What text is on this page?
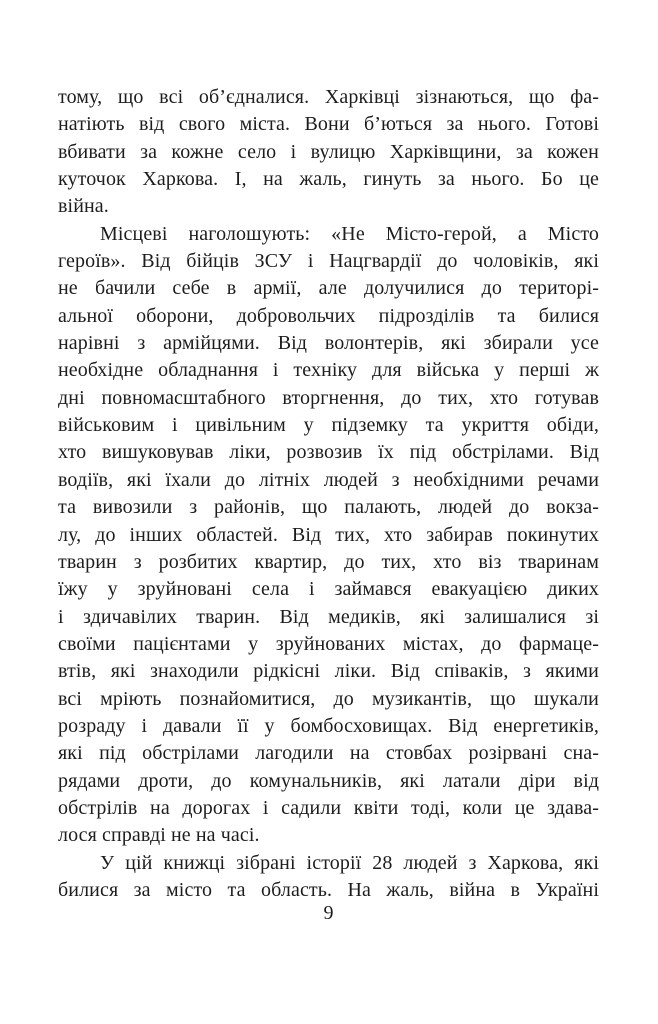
тому, що всі об’єдналися. Харківці зізнаються, що фа-
натіють від свого міста. Вони б’ються за нього. Готові
вбивати за кожне село і вулицю Харківщини, за кожен
куточок Харкова. І, на жаль, гинуть за нього. Бо це
війна.
Місцеві наголошують: «Не Місто-герой, а Місто
героїв». Від бійців ЗСУ і Нацгвардії до чоловіків, які
не бачили себе в армії, але долучилися до територі-
альної оборони, добровольчих підрозділів та билися
нарівні з армійцями. Від волонтерів, які збирали усе
необхідне обладнання і техніку для війська у перші ж
дні повномасштабного вторгнення, до тих, хто готував
військовим і цивільним у підземку та укриття обіди,
хто вишуковував ліки, розвозив їх під обстрілами. Від
водіїв, які їхали до літніх людей з необхідними речами
та вивозили з районів, що палають, людей до вокза-
лу, до інших областей. Від тих, хто забирав покинутих
тварин з розбитих квартир, до тих, хто віз тваринам
їжу у зруйновані села і займався евакуацією диких
і здичавілих тварин. Від медиків, які залишалися зі
своїми пацієнтами у зруйнованих містах, до фармаце-
втів, які знаходили рідкісні ліки. Від співаків, з якими
всі мріють познайомитися, до музикантів, що шукали
розраду і давали її у бомбосховищах. Від енергетиків,
які під обстрілами лагодили на стовбах розірвані сна-
рядами дроти, до комунальників, які латали діри від
обстрілів на дорогах і садили квіти тоді, коли це здава-
лося справді не на часі.
У цій книжці зібрані історії 28 людей з Харкова, які
билися за місто та область. На жаль, війна в Україні
9
